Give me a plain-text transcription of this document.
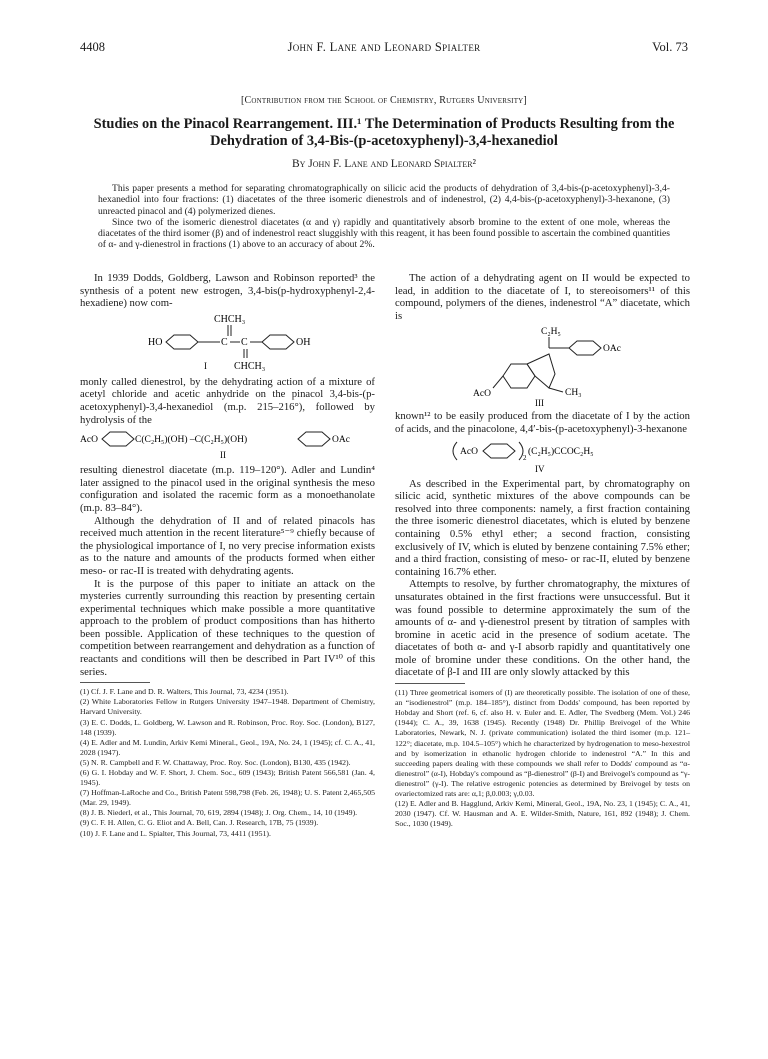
4408	John F. Lane and Leonard Spialter	Vol. 73
[Contribution from the School of Chemistry, Rutgers University]
Studies on the Pinacol Rearrangement. III.¹ The Determination of Products Resulting from the Dehydration of 3,4-Bis-(p-acetoxyphenyl)-3,4-hexanediol
By John F. Lane and Leonard Spialter²

This paper presents a method for separating chromatographically on silicic acid the products of dehydration of 3,4-bis-(p-acetoxyphenyl)-3,4-hexanediol into four fractions: (1) diacetates of the three isomeric dienestrols and of indenestrol, (2) 4,4-bis-(p-acetoxyphenyl)-3-hexanone, (3) unreacted pinacol and (4) polymerized dienes.

Since two of the isomeric dienestrol diacetates (α and γ) rapidly and quantitatively absorb bromine to the extent of one mole, whereas the diacetates of the third isomer (β) and of indenestrol react sluggishly with this reagent, it has been found possible to ascertain the combined quantities of α- and γ-dienestrol in fractions (1) above to an accuracy of about 2%.

In 1939 Dodds, Goldberg, Lawson and Robinson reported³ the synthesis of a potent new estrogen, 3,4-bis(p-hydroxyphenyl-2,4-hexadiene) now com-

CHCH₃
HO	C C	OH
CHCH₃
I

monly called dienestrol, by the dehydrating action of a mixture of acetyl chloride and acetic anhydride on the pinacol 3,4-bis-(p-acetoxyphenyl)-3,4-hexanediol (m.p. 215–216°), followed by hydrolysis of the

AcO	C(C₂H₅)(OH) –C(C₂H₅)(OH)	OAc
II

resulting dienestrol diacetate (m.p. 119–120°). Adler and Lundin⁴ later assigned to the pinacol used in the original synthesis the meso configuration and isolated the racemic form as a monoethanolate (m.p. 83–84°).

Although the dehydration of II and of related pinacols has received much attention in the recent literature⁵⁻⁹ chiefly because of the physiological importance of I, no very precise information exists as to the nature and amounts of the products formed when either meso- or rac-II is treated with dehydrating agents.

It is the purpose of this paper to initiate an attack on the mysteries currently surrounding this reaction by presenting certain experimental techniques which make possible a more quantitative approach to the problem of product compositions than has hitherto been possible. Application of these techniques to the question of competition between rearrangement and dehydration as a function of reactants and conditions will then be described in Part IV¹⁰ of this series.

(1) Cf. J. F. Lane and D. R. Walters, This Journal, 73, 4234 (1951).
(2) White Laboratories Fellow in Rutgers University 1947–1948. Department of Chemistry, Harvard University.
(3) E. C. Dodds, L. Goldberg, W. Lawson and R. Robinson, Proc. Roy. Soc. (London), B127, 148 (1939).
(4) E. Adler and M. Lundin, Arkiv Kemi Mineral., Geol., 19A, No. 24, 1 (1945); cf. C. A., 41, 2028 (1947).
(5) N. R. Campbell and F. W. Chattaway, Proc. Roy. Soc. (London), B130, 435 (1942).
(6) G. I. Hobday and W. F. Short, J. Chem. Soc., 609 (1943); British Patent 566,581 (Jan. 4, 1945).
(7) Hoffman-LaRoche and Co., British Patent 598,798 (Feb. 26, 1948); U. S. Patent 2,465,505 (Mar. 29, 1949).
(8) J. B. Niederl, et al., This Journal, 70, 619, 2894 (1948); J. Org. Chem., 14, 10 (1949).
(9) C. F. H. Allen, C. G. Eliot and A. Bell, Can. J. Research, 17B, 75 (1939).
(10) J. F. Lane and L. Spialter, This Journal, 73, 4411 (1951).

The action of a dehydrating agent on II would be expected to lead, in addition to the diacetate of I, to stereoisomers¹¹ of this compound, polymers of the dienes, indenestrol “A” diacetate, which is

C₂H₅
OAc
CH₃
AcO
III

known¹² to be easily produced from the diacetate of I by the action of acids, and the pinacolone, 4,4′-bis-(p-acetoxyphenyl)-3-hexanone

AcO
2
(C₂H₅)CCOC₂H₅
IV

As described in the Experimental part, by chromatography on silicic acid, synthetic mixtures of the above compounds can be resolved into three components: namely, a first fraction containing the three isomeric dienestrol diacetates, which is eluted by benzene containing 0.5% ethyl ether; a second fraction, consisting exclusively of IV, which is eluted by benzene containing 7.5% ether; and a third fraction, consisting of meso- or rac-II, eluted by benzene containing 16.7% ether.

Attempts to resolve, by further chromatography, the mixtures of unsaturates obtained in the first fractions were unsuccessful. But it was found possible to determine approximately the sum of the amounts of α- and γ-dienestrol present by titration of samples with bromine in acetic acid in the presence of sodium acetate. The diacetates of both α- and γ-I absorb rapidly and quantitatively one mole of bromine under these conditions. On the other hand, the diacetate of β-I and III are only slowly attacked by this

(11) Three geometrical isomers of (I) are theoretically possible. The isolation of one of these, an “isodienestrol” (m.p. 184–185°), distinct from Dodds' compound, has been reported by Hobday and Short (ref. 6, cf. also H. v. Euler and. E. Adler, The Svedberg (Mem. Vol.) 246 (1944); C. A., 39, 1638 (1945). Recently (1948) Dr. Phillip Breivogel of the White Laboratories, Newark, N. J. (private communication) isolated the third isomer (m.p. 121–122°; diacetate, m.p. 104.5–105°) which he characterized by hydrogenation to meso-hexestrol and by isomerization in ethanolic hydrogen chloride to indenestrol “A.” In this and succeeding papers dealing with these compounds we shall refer to Dodds' compound as “α-dienestrol” (α-I), Hobday's compound as “β-dienestrol” (β-I) and Breivogel's compound as “γ-dienestrol” (γ-I). The relative estrogenic potencies as determined by Breivogel by tests on ovariectomized rats are: α,1; β,0.003; γ,0.03.
(12) E. Adler and B. Hagglund, Arkiv Kemi, Mineral, Geol., 19A, No. 23, 1 (1945); C. A., 41, 2030 (1947). Cf. W. Hausman and A. E. Wilder-Smith, Nature, 161, 892 (1948); J. Chem. Soc., 1030 (1949).
